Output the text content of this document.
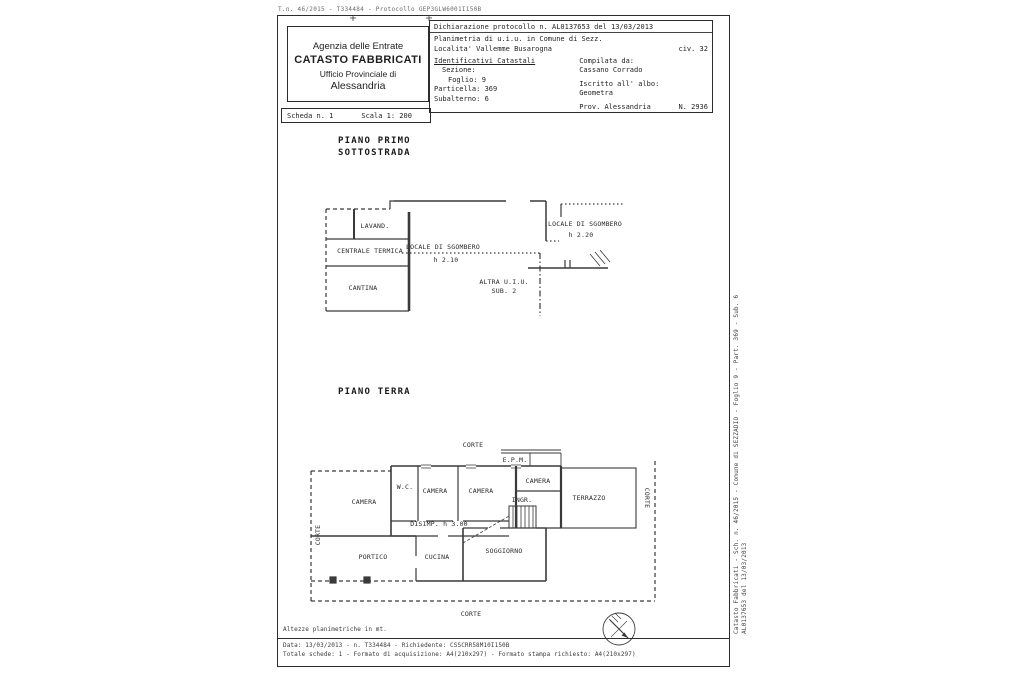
T.n. 46/2015 - T334484 - Protocollo GEP3GLW6001I150B
Agenzia delle Entrate
CATASTO FABBRICATI
Ufficio Provinciale di
Alessandria
Scheda n. 1	Scala 1: 200
Dichiarazione protocollo n. AL0137653 del 13/03/2013
Planimetria di u.i.u. in Comune di Sezz.
Localita' Vallemme Busarogna	civ. 32
Identificativi Catastali
Sezione:
Foglio: 9
Particella: 369
Subalterno: 6
Compilata da:
Cassano Corrado
Iscritto all' albo:
Geometra
Prov. Alessandria	N. 2936
PIANO PRIMO
SOTTOSTRADA
PIANO TERRA
LAVAND.
CENTRALE TERMICA
CANTINA
LOCALE DI SGOMBERO
h 2.10
ALTRA U.I.U.
SUB. 2
LOCALE DI SGOMBERO
h 2.20
CORTE
E.P.M.
CAMERA
W.C. CAMERA	CAMERA
CAMERA
INGR.	TERRAZZO	CORTE
CORTE
DISIMP. h 3.00
PORTICO	CUCINA
SOGGIORNO
CORTE
Altezze planimetriche in mt.
Data: 13/03/2013 - n. T334484 - Richiedente: CSSCRR58M10I150B
Totale schede: 1 - Formato di acquisizione: A4(210x297) - Formato stampa richiesto: A4(210x297)
Catasto Fabbricati - Sch. n. 46/2015 - Comune di SEZZADIO - Foglio 9 - Part. 369 - Sub. 6 AL0137653 del 13/03/2013
